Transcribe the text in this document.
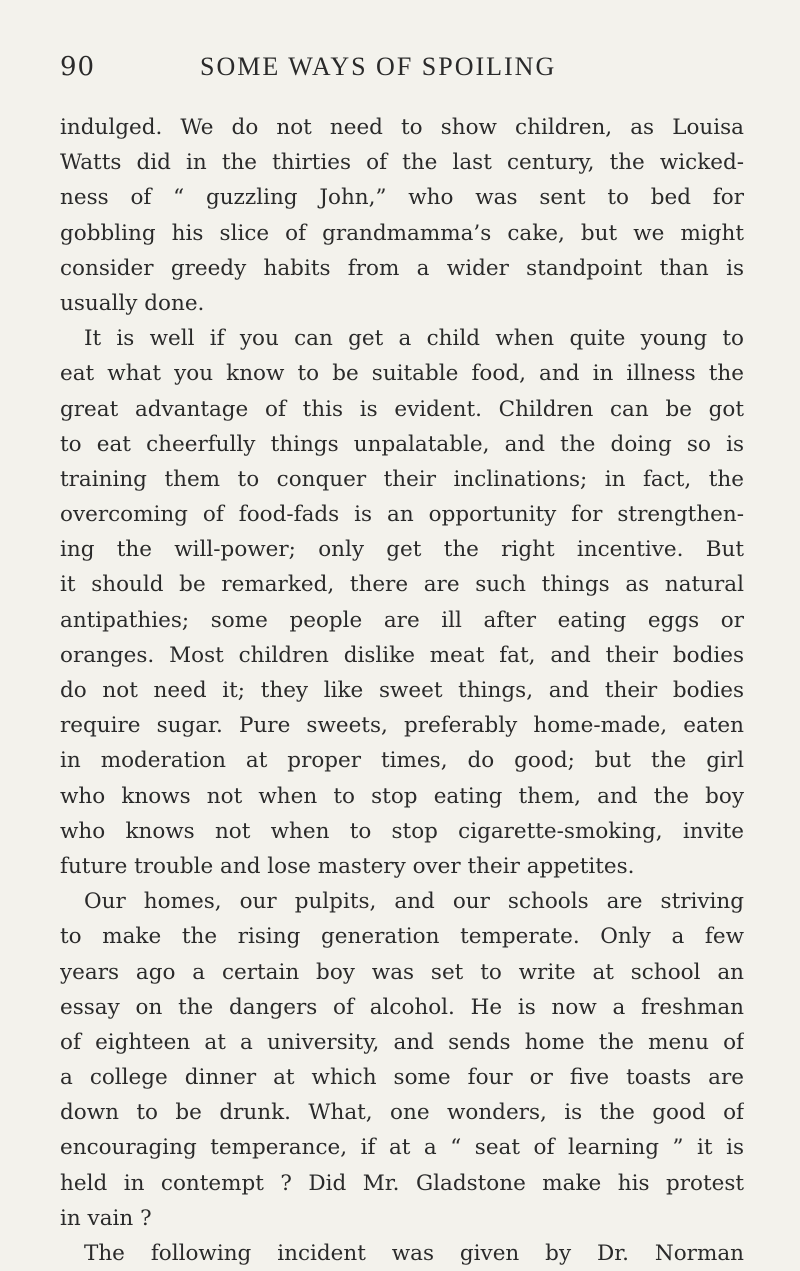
90	SOME WAYS OF SPOILING
indulged. We do not need to show children, as Louisa
Watts did in the thirties of the last century, the wicked-
ness of “ guzzling John,” who was sent to bed for
gobbling his slice of grandmamma’s cake, but we might
consider greedy habits from a wider standpoint than is
usually done.
It is well if you can get a child when quite young to
eat what you know to be suitable food, and in illness the
great advantage of this is evident. Children can be got
to eat cheerfully things unpalatable, and the doing so is
training them to conquer their inclinations; in fact, the
overcoming of food-fads is an opportunity for strengthen-
ing the will-power; only get the right incentive. But
it should be remarked, there are such things as natural
antipathies; some people are ill after eating eggs or
oranges. Most children dislike meat fat, and their bodies
do not need it; they like sweet things, and their bodies
require sugar. Pure sweets, preferably home-made, eaten
in moderation at proper times, do good; but the girl
who knows not when to stop eating them, and the boy
who knows not when to stop cigarette-smoking, invite
future trouble and lose mastery over their appetites.
Our homes, our pulpits, and our schools are striving
to make the rising generation temperate. Only a few
years ago a certain boy was set to write at school an
essay on the dangers of alcohol. He is now a freshman
of eighteen at a university, and sends home the menu of
a college dinner at which some four or five toasts are
down to be drunk. What, one wonders, is the good of
encouraging temperance, if at a “ seat of learning ” it is
held in contempt ? Did Mr. Gladstone make his protest
in vain ?
The following incident was given by Dr. Norman
